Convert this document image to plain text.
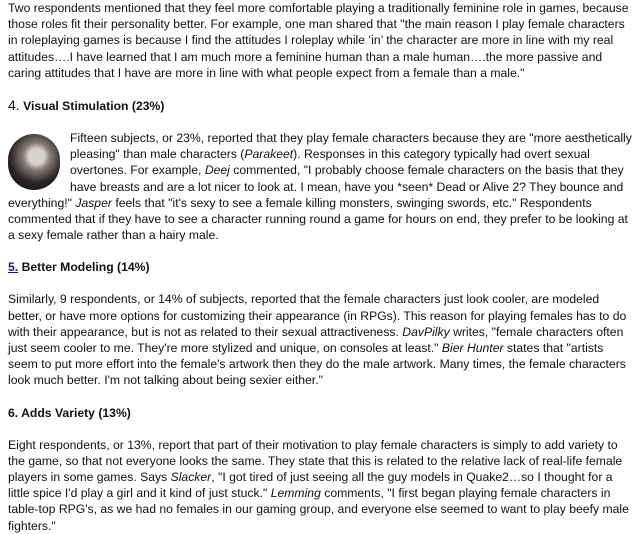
Two respondents mentioned that they feel more comfortable playing a traditionally feminine role in games, because those roles fit their personality better. For example, one man shared that "the main reason I play female characters in roleplaying games is because I find the attitudes I roleplay while ‘in’ the character are more in line with my real attitudes….I have learned that I am much more a feminine human than a male human….the more passive and caring attitudes that I have are more in line with what people expect from a female than a male."

4. Visual Stimulation (23%)

Fifteen subjects, or 23%, reported that they play female characters because they are "more aesthetically pleasing" than male characters (Parakeet). Responses in this category typically had overt sexual overtones. For example, Deej commented, "I probably choose female characters on the basis that they have breasts and are a lot nicer to look at. I mean, have you *seen* Dead or Alive 2? They bounce and everything!" Jasper feels that "it's sexy to see a female killing monsters, swinging swords, etc." Respondents commented that if they have to see a character running round a game for hours on end, they prefer to be looking at a sexy female rather than a hairy male.

5. Better Modeling (14%)

Similarly, 9 respondents, or 14% of subjects, reported that the female characters just look cooler, are modeled better, or have more options for customizing their appearance (in RPGs). This reason for playing females has to do with their appearance, but is not as related to their sexual attractiveness. DavPilky writes, "female characters often just seem cooler to me. They're more stylized and unique, on consoles at least." Bier Hunter states that "artists seem to put more effort into the female's artwork then they do the male artwork. Many times, the female characters look much better. I'm not talking about being sexier either."

6. Adds Variety (13%)

Eight respondents, or 13%, report that part of their motivation to play female characters is simply to add variety to the game, so that not everyone looks the same. They state that this is related to the relative lack of real-life female players in some games. Says Slacker, "I got tired of just seeing all the guy models in Quake2…so I thought for a little spice I'd play a girl and it kind of just stuck." Lemming comments, "I first began playing female characters in table-top RPG's, as we had no females in our gaming group, and everyone else seemed to want to play beefy male fighters."
